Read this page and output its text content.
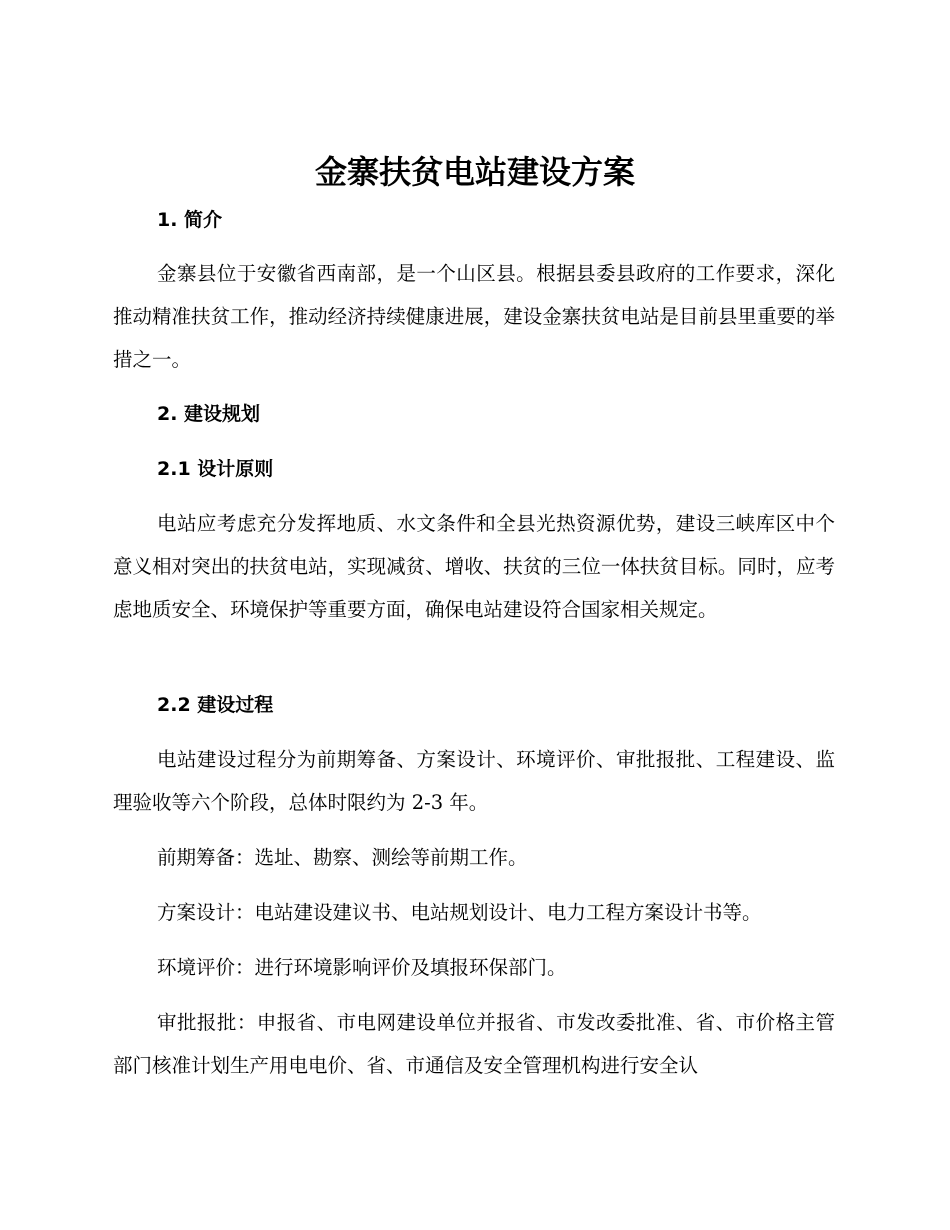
金寨扶贫电站建设方案
1. 简介

金寨县位于安徽省西南部，是一个山区县。根据县委县政府的工作要求，深化推动精准扶贫工作，推动经济持续健康进展，建设金寨扶贫电站是目前县里重要的举措之一。

2. 建设规划
2.1 设计原则

电站应考虑充分发挥地质、水文条件和全县光热资源优势，建设三峡库区中个意义相对突出的扶贫电站，实现减贫、增收、扶贫的三位一体扶贫目标。同时，应考虑地质安全、环境保护等重要方面，确保电站建设符合国家相关规定。

2.2 建设过程

电站建设过程分为前期筹备、方案设计、环境评价、审批报批、工程建设、监理验收等六个阶段，总体时限约为 2-3 年。

前期筹备：选址、勘察、测绘等前期工作。

方案设计：电站建设建议书、电站规划设计、电力工程方案设计书等。

环境评价：进行环境影响评价及填报环保部门。

审批报批：申报省、市电网建设单位并报省、市发改委批准、省、市价格主管部门核准计划生产用电电价、省、市通信及安全管理机构进行安全认
